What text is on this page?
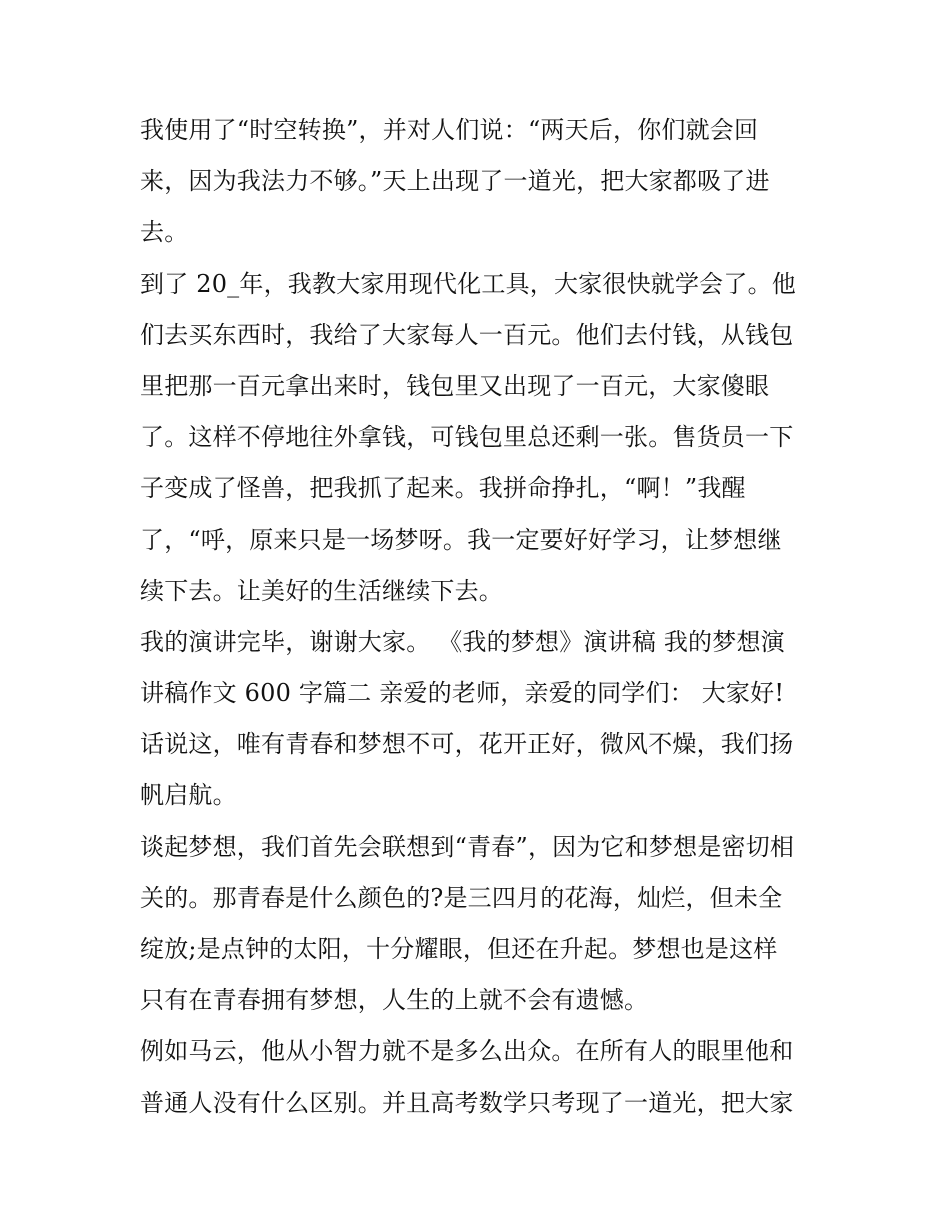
我使用了“时空转换”，并对人们说：“两天后，你们就会回
来，因为我法力不够。”天上出现了一道光，把大家都吸了进
去。
到了 20_年，我教大家用现代化工具，大家很快就学会了。他
们去买东西时，我给了大家每人一百元。他们去付钱，从钱包
里把那一百元拿出来时，钱包里又出现了一百元，大家傻眼
了。这样不停地往外拿钱，可钱包里总还剩一张。售货员一下
子变成了怪兽，把我抓了起来。我拼命挣扎，“啊！”我醒
了，“呼，原来只是一场梦呀。我一定要好好学习，让梦想继
续下去。让美好的生活继续下去。
我的演讲完毕，谢谢大家。 《我的梦想》演讲稿 我的梦想演
讲稿作文 600 字篇二 亲爱的老师，亲爱的同学们： 大家好!
话说这，唯有青春和梦想不可，花开正好，微风不燥，我们扬
帆启航。
谈起梦想，我们首先会联想到“青春”，因为它和梦想是密切相
关的。那青春是什么颜色的?是三四月的花海，灿烂，但未全
绽放;是点钟的太阳，十分耀眼，但还在升起。梦想也是这样
只有在青春拥有梦想，人生的上就不会有遗憾。
例如马云，他从小智力就不是多么出众。在所有人的眼里他和
普通人没有什么区别。并且高考数学只考现了一道光，把大家
